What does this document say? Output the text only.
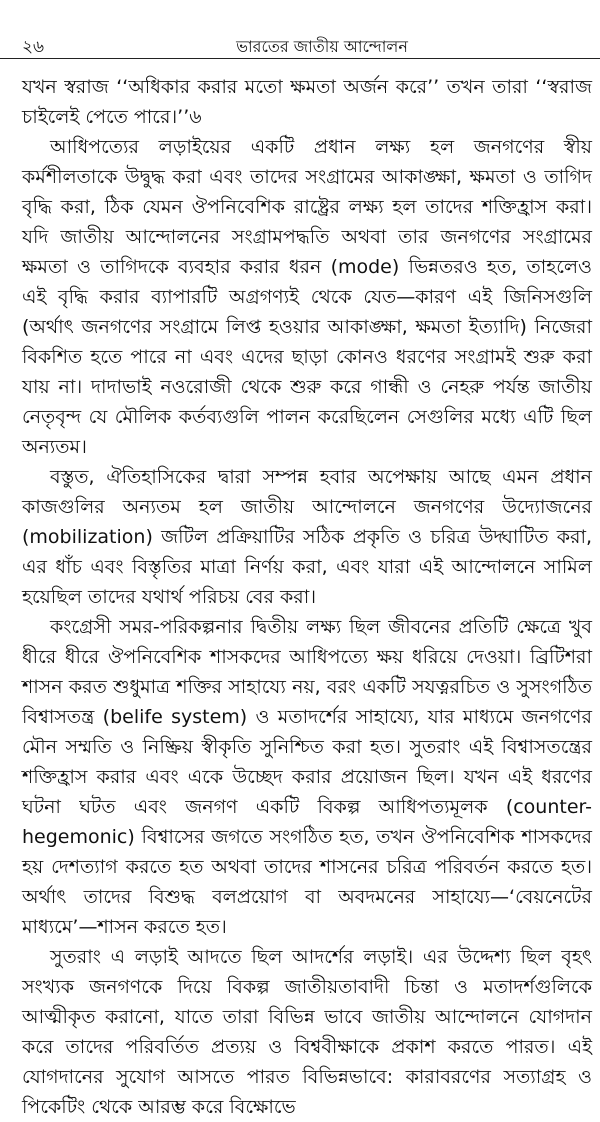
২৬	ভারতের জাতীয় আন্দোলন

যখন স্বরাজ ‘‘অধিকার করার মতো ক্ষমতা অর্জন করে’’ তখন তারা ‘‘স্বরাজ চাইলেই পেতে পারে।’’৬

আধিপত্যের লড়াইয়ের একটি প্রধান লক্ষ্য হল জনগণের স্বীয় কর্মশীলতাকে উদ্বুদ্ধ করা এবং তাদের সংগ্রামের আকাঙ্ক্ষা, ক্ষমতা ও তাগিদ বৃদ্ধি করা, ঠিক যেমন ঔপনিবেশিক রাষ্ট্রের লক্ষ্য হল তাদের শক্তিহ্রাস করা। যদি জাতীয় আন্দোলনের সংগ্রামপদ্ধতি অথবা তার জনগণের সংগ্রামের ক্ষমতা ও তাগিদকে ব্যবহার করার ধরন (mode) ভিন্নতরও হত, তাহলেও এই বৃদ্ধি করার ব্যাপারটি অগ্রগণ্যই থেকে যেত—কারণ এই জিনিসগুলি (অর্থাৎ জনগণের সংগ্রামে লিপ্ত হওয়ার আকাঙ্ক্ষা, ক্ষমতা ইত্যাদি) নিজেরা বিকশিত হতে পারে না এবং এদের ছাড়া কোনও ধরণের সংগ্রামই শুরু করা যায় না। দাদাভাই নওরোজী থেকে শুরু করে গান্ধী ও নেহরু পর্যন্ত জাতীয় নেতৃবৃন্দ যে মৌলিক কর্তব্যগুলি পালন করেছিলেন সেগুলির মধ্যে এটি ছিল অন্যতম।

বস্তুত, ঐতিহাসিকের দ্বারা সম্পন্ন হবার অপেক্ষায় আছে এমন প্রধান কাজগুলির অন্যতম হল জাতীয় আন্দোলনে জনগণের উদ্যোজনের (mobilization) জটিল প্রক্রিয়াটির সঠিক প্রকৃতি ও চরিত্র উদ্ঘাটিত করা, এর ধাঁচ এবং বিস্তৃতির মাত্রা নির্ণয় করা, এবং যারা এই আন্দোলনে সামিল হয়েছিল তাদের যথার্থ পরিচয় বের করা।

কংগ্রেসী সমর-পরিকল্পনার দ্বিতীয় লক্ষ্য ছিল জীবনের প্রতিটি ক্ষেত্রে খুব ধীরে ধীরে ঔপনিবেশিক শাসকদের আধিপত্যে ক্ষয় ধরিয়ে দেওয়া। ব্রিটিশরা শাসন করত শুধুমাত্র শক্তির সাহায্যে নয়, বরং একটি সযত্নরচিত ও সুসংগঠিত বিশ্বাসতন্ত্র (belife system) ও মতাদর্শের সাহায্যে, যার মাধ্যমে জনগণের মৌন সম্মতি ও নিষ্ক্রিয় স্বীকৃতি সুনিশ্চিত করা হত। সুতরাং এই বিশ্বাসতন্ত্রের শক্তিহ্রাস করার এবং একে উচ্ছেদ করার প্রয়োজন ছিল। যখন এই ধরণের ঘটনা ঘটত এবং জনগণ একটি বিকল্প আধিপত্যমূলক (counter-hegemonic) বিশ্বাসের জগতে সংগঠিত হত, তখন ঔপনিবেশিক শাসকদের হয় দেশত্যাগ করতে হত অথবা তাদের শাসনের চরিত্র পরিবর্তন করতে হত। অর্থাৎ তাদের বিশুদ্ধ বলপ্রয়োগ বা অবদমনের সাহায্যে—‘বেয়নেটের মাধ্যমে’—শাসন করতে হত।

সুতরাং এ লড়াই আদতে ছিল আদর্শের লড়াই। এর উদ্দেশ্য ছিল বৃহৎ সংখ্যক জনগণকে দিয়ে বিকল্প জাতীয়তাবাদী চিন্তা ও মতাদর্শগুলিকে আত্মীকৃত করানো, যাতে তারা বিভিন্ন ভাবে জাতীয় আন্দোলনে যোগদান করে তাদের পরিবর্তিত প্রত্যয় ও বিশ্ববীক্ষাকে প্রকাশ করতে পারত। এই যোগদানের সুযোগ আসতে পারত বিভিন্নভাবে: কারাবরণের সত্যাগ্রহ ও পিকেটিং থেকে আরম্ভ করে বিক্ষোভে
